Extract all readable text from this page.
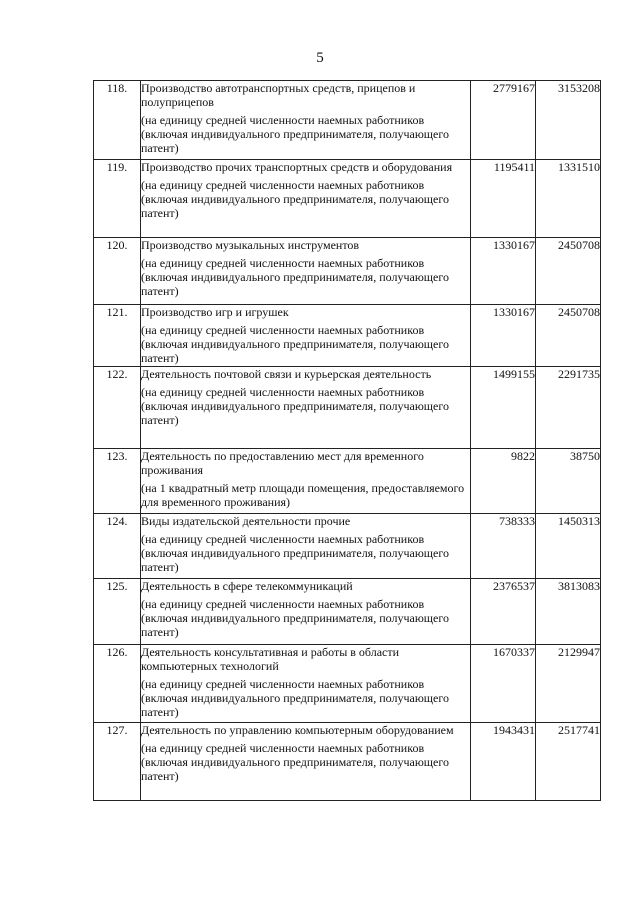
5
118.	Производство автотранспортных средств, прицепов и полуприцепов
(на единицу средней численности наемных работников (включая индивидуального предпринимателя, получающего патент)	2779167	3153208
119.	Производство прочих транспортных средств и оборудования
(на единицу средней численности наемных работников (включая индивидуального предпринимателя, получающего патент)	1195411	1331510
120.	Производство музыкальных инструментов
(на единицу средней численности наемных работников (включая индивидуального предпринимателя, получающего патент)	1330167	2450708
121.	Производство игр и игрушек
(на единицу средней численности наемных работников (включая индивидуального предпринимателя, получающего патент)	1330167	2450708
122.	Деятельность почтовой связи и курьерская деятельность
(на единицу средней численности наемных работников (включая индивидуального предпринимателя, получающего патент)	1499155	2291735
123.	Деятельность по предоставлению мест для временного проживания
(на 1 квадратный метр площади помещения, предоставляемого для временного проживания)	9822	38750
124.	Виды издательской деятельности прочие
(на единицу средней численности наемных работников (включая индивидуального предпринимателя, получающего патент)	738333	1450313
125.	Деятельность в сфере телекоммуникаций
(на единицу средней численности наемных работников (включая индивидуального предпринимателя, получающего патент)	2376537	3813083
126.	Деятельность консультативная и работы в области компьютерных технологий
(на единицу средней численности наемных работников (включая индивидуального предпринимателя, получающего патент)	1670337	2129947
127.	Деятельность по управлению компьютерным оборудованием
(на единицу средней численности наемных работников (включая индивидуального предпринимателя, получающего патент)	1943431	2517741
